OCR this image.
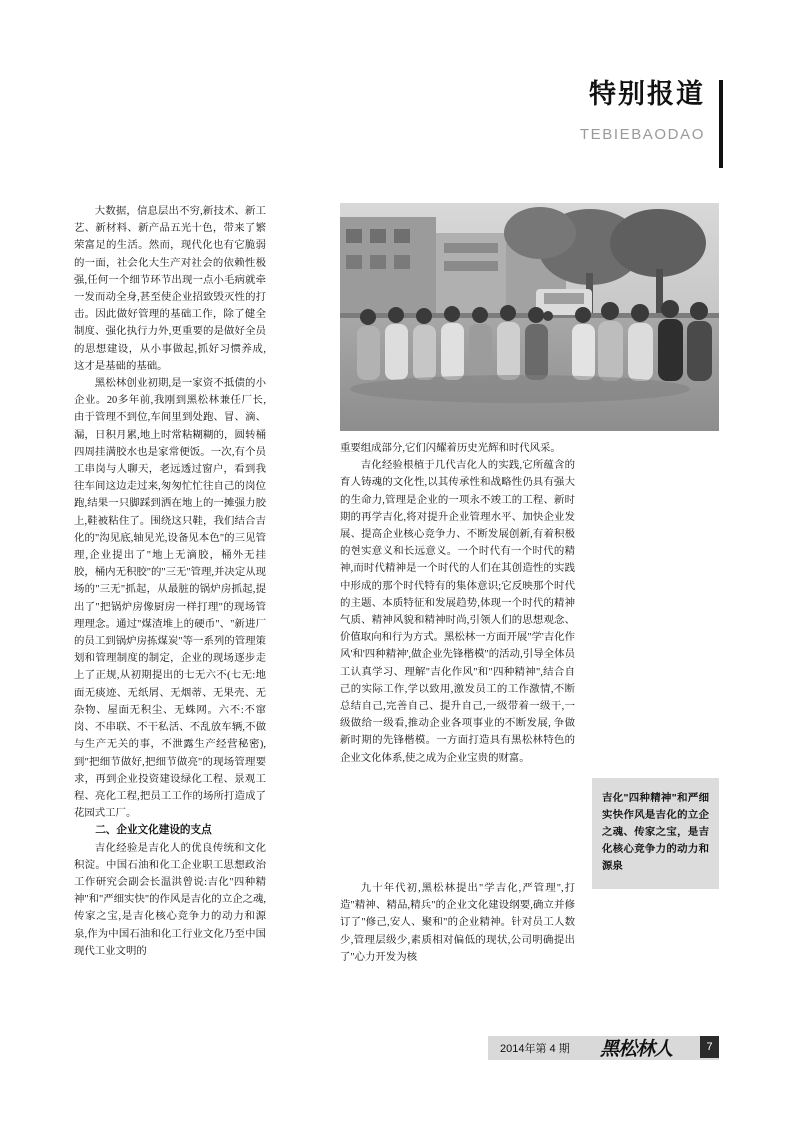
特别报道
TEBIEBAODAO

大数据，信息层出不穷,新技术、新工艺、新材料、新产品五光十色，带来了繁荣富足的生活。然而，现代化也有它脆弱的一面，社会化大生产对社会的依赖性极强,任何一个细节环节出现一点小毛病就牵一发而动全身,甚至使企业招致毁灭性的打击。因此做好管理的基础工作，除了健全制度、强化执行力外,更重要的是做好全员的思想建设，从小事做起,抓好习惯养成,这才是基础的基础。

黑松林创业初期,是一家资不抵债的小企业。20多年前,我刚到黑松林兼任厂长,由于管理不到位,车间里到处跑、冒、滴、漏，日积月累,地上时常粘糊糊的，圆转桶四周挂满胶水也是家常便饭。一次,有个员工串岗与人聊天，老远透过窗户，看到我往车间这边走过来,匆匆忙忙往自己的岗位跑,结果一只脚踩到洒在地上的一摊强力胶上,鞋被粘住了。围绕这只鞋，我们结合吉化的"沟见底,轴见光,设备见本色"的三见管理,企业提出了"地上无滴胶，桶外无挂胶，桶内无积胶"的"三无"管理,并决定从现场的"三无"抓起，从最脏的锅炉房抓起,提出了"把锅炉房像厨房一样打理"的现场管理理念。通过"煤渣堆上的硬币"、"新进厂的员工到锅炉房拣煤炭"等一系列的管理策划和管理制度的制定，企业的现场逐步走上了正规,从初期提出的七无六不(七无:地面无痰迹、无纸屑、无烟蒂、无果壳、无杂物、屋面无积尘、无蛛网。六不:不窜岗、不串联、不干私活、不乱放车辆,不做与生产无关的事，不泄露生产经营秘密),到"把细节做好,把细节做亮"的现场管理要求，再到企业投资建设绿化工程、景观工程、亮化工程,把员工工作的场所打造成了花园式工厂。

二、企业文化建设的支点

吉化经验是吉化人的优良传统和文化积淀。中国石油和化工企业职工思想政治工作研究会副会长温洪曾说:吉化"四种精神"和"严细实快"的作风是吉化的立企之魂,传家之宝,是吉化核心竞争力的动力和源泉,作为中国石油和化工行业文化乃至中国现代工业文明的

重要组成部分,它们闪耀着历史光辉和时代风采。

吉化经验根植于几代吉化人的实践,它所蕴含的育人铸魂的文化性,以其传承性和战略性仍具有强大的生命力,管理是企业的一项永不竣工的工程、新时期的再学吉化,将对提升企业管理水平、加快企业发展、提高企业核心竞争力、不断发展创新,有着积极的현实意义和长远意义。一个时代有一个时代的精神,而时代精神是一个时代的人们在其创造性的实践中形成的那个时代特有的集体意识;它反映那个时代的主题、本质特征和发展趋势,体现一个时代的精神气质、精神风貌和精神时尚,引领人们的思想观念、价值取向和行为方式。黑松林一方面开展"学'吉化作风'和'四种精神',做企业先锋楷模"的活动,引导全体员工认真学习、理解"吉化作风"和"四种精神",结合自己的实际工作,学以致用,激发员工的工作激情,不断总结自己,完善自己、提升自己,一级带着一级干,一级做给一级看,推动企业各项事业的不断发展, 争做新时期的先锋楷模。一方面打造具有黑松林特色的企业文化体系,使之成为企业宝贵的财富。

九十年代初,黑松林提出"学吉化,严管理",打造"精神、精品,精兵"的企业文化建设纲要,确立并修订了"修己,安人、聚和"的企业精神。针对员工人数少,管理层级少,素质相对偏低的现状,公司明确提出了"心力开发为核

吉化"四种精神"和严细实快作风是吉化的立企之魂、传家之宝，是吉化核心竞争力的动力和源泉
2014年第 4 期 黑松林人	7
